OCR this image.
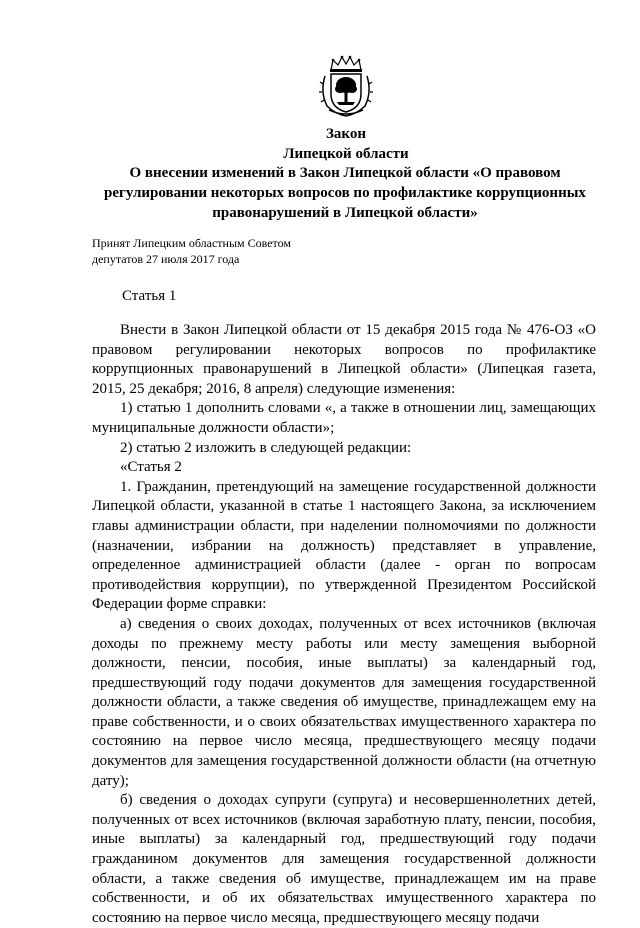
Закон
Липецкой области
О внесении изменений в Закон Липецкой области «О правовом регулировании некоторых вопросов по профилактике коррупционных правонарушений в Липецкой области»
Принят Липецким областным Советом
депутатов 27 июля 2017 года
Статья 1

Внести в Закон Липецкой области от 15 декабря 2015 года № 476-ОЗ «О правовом регулировании некоторых вопросов по профилактике коррупционных правонарушений в Липецкой области» (Липецкая газета, 2015, 25 декабря; 2016, 8 апреля) следующие изменения:

1) статью 1 дополнить словами «, а также в отношении лиц, замещающих муниципальные должности области»;

2) статью 2 изложить в следующей редакции:

«Статья 2

1. Гражданин, претендующий на замещение государственной должности Липецкой области, указанной в статье 1 настоящего Закона, за исключением главы администрации области, при наделении полномочиями по должности (назначении, избрании на должность) представляет в управление, определенное администрацией области (далее - орган по вопросам противодействия коррупции), по утвержденной Президентом Российской Федерации форме справки:

а) сведения о своих доходах, полученных от всех источников (включая доходы по прежнему месту работы или месту замещения выборной должности, пенсии, пособия, иные выплаты) за календарный год, предшествующий году подачи документов для замещения государственной должности области, а также сведения об имуществе, принадлежащем ему на праве собственности, и о своих обязательствах имущественного характера по состоянию на первое число месяца, предшествующего месяцу подачи документов для замещения государственной должности области (на отчетную дату);

б) сведения о доходах супруги (супруга) и несовершеннолетних детей, полученных от всех источников (включая заработную плату, пенсии, пособия, иные выплаты) за календарный год, предшествующий году подачи гражданином документов для замещения государственной должности области, а также сведения об имуществе, принадлежащем им на праве собственности, и об их обязательствах имущественного характера по состоянию на первое число месяца, предшествующего месяцу подачи
